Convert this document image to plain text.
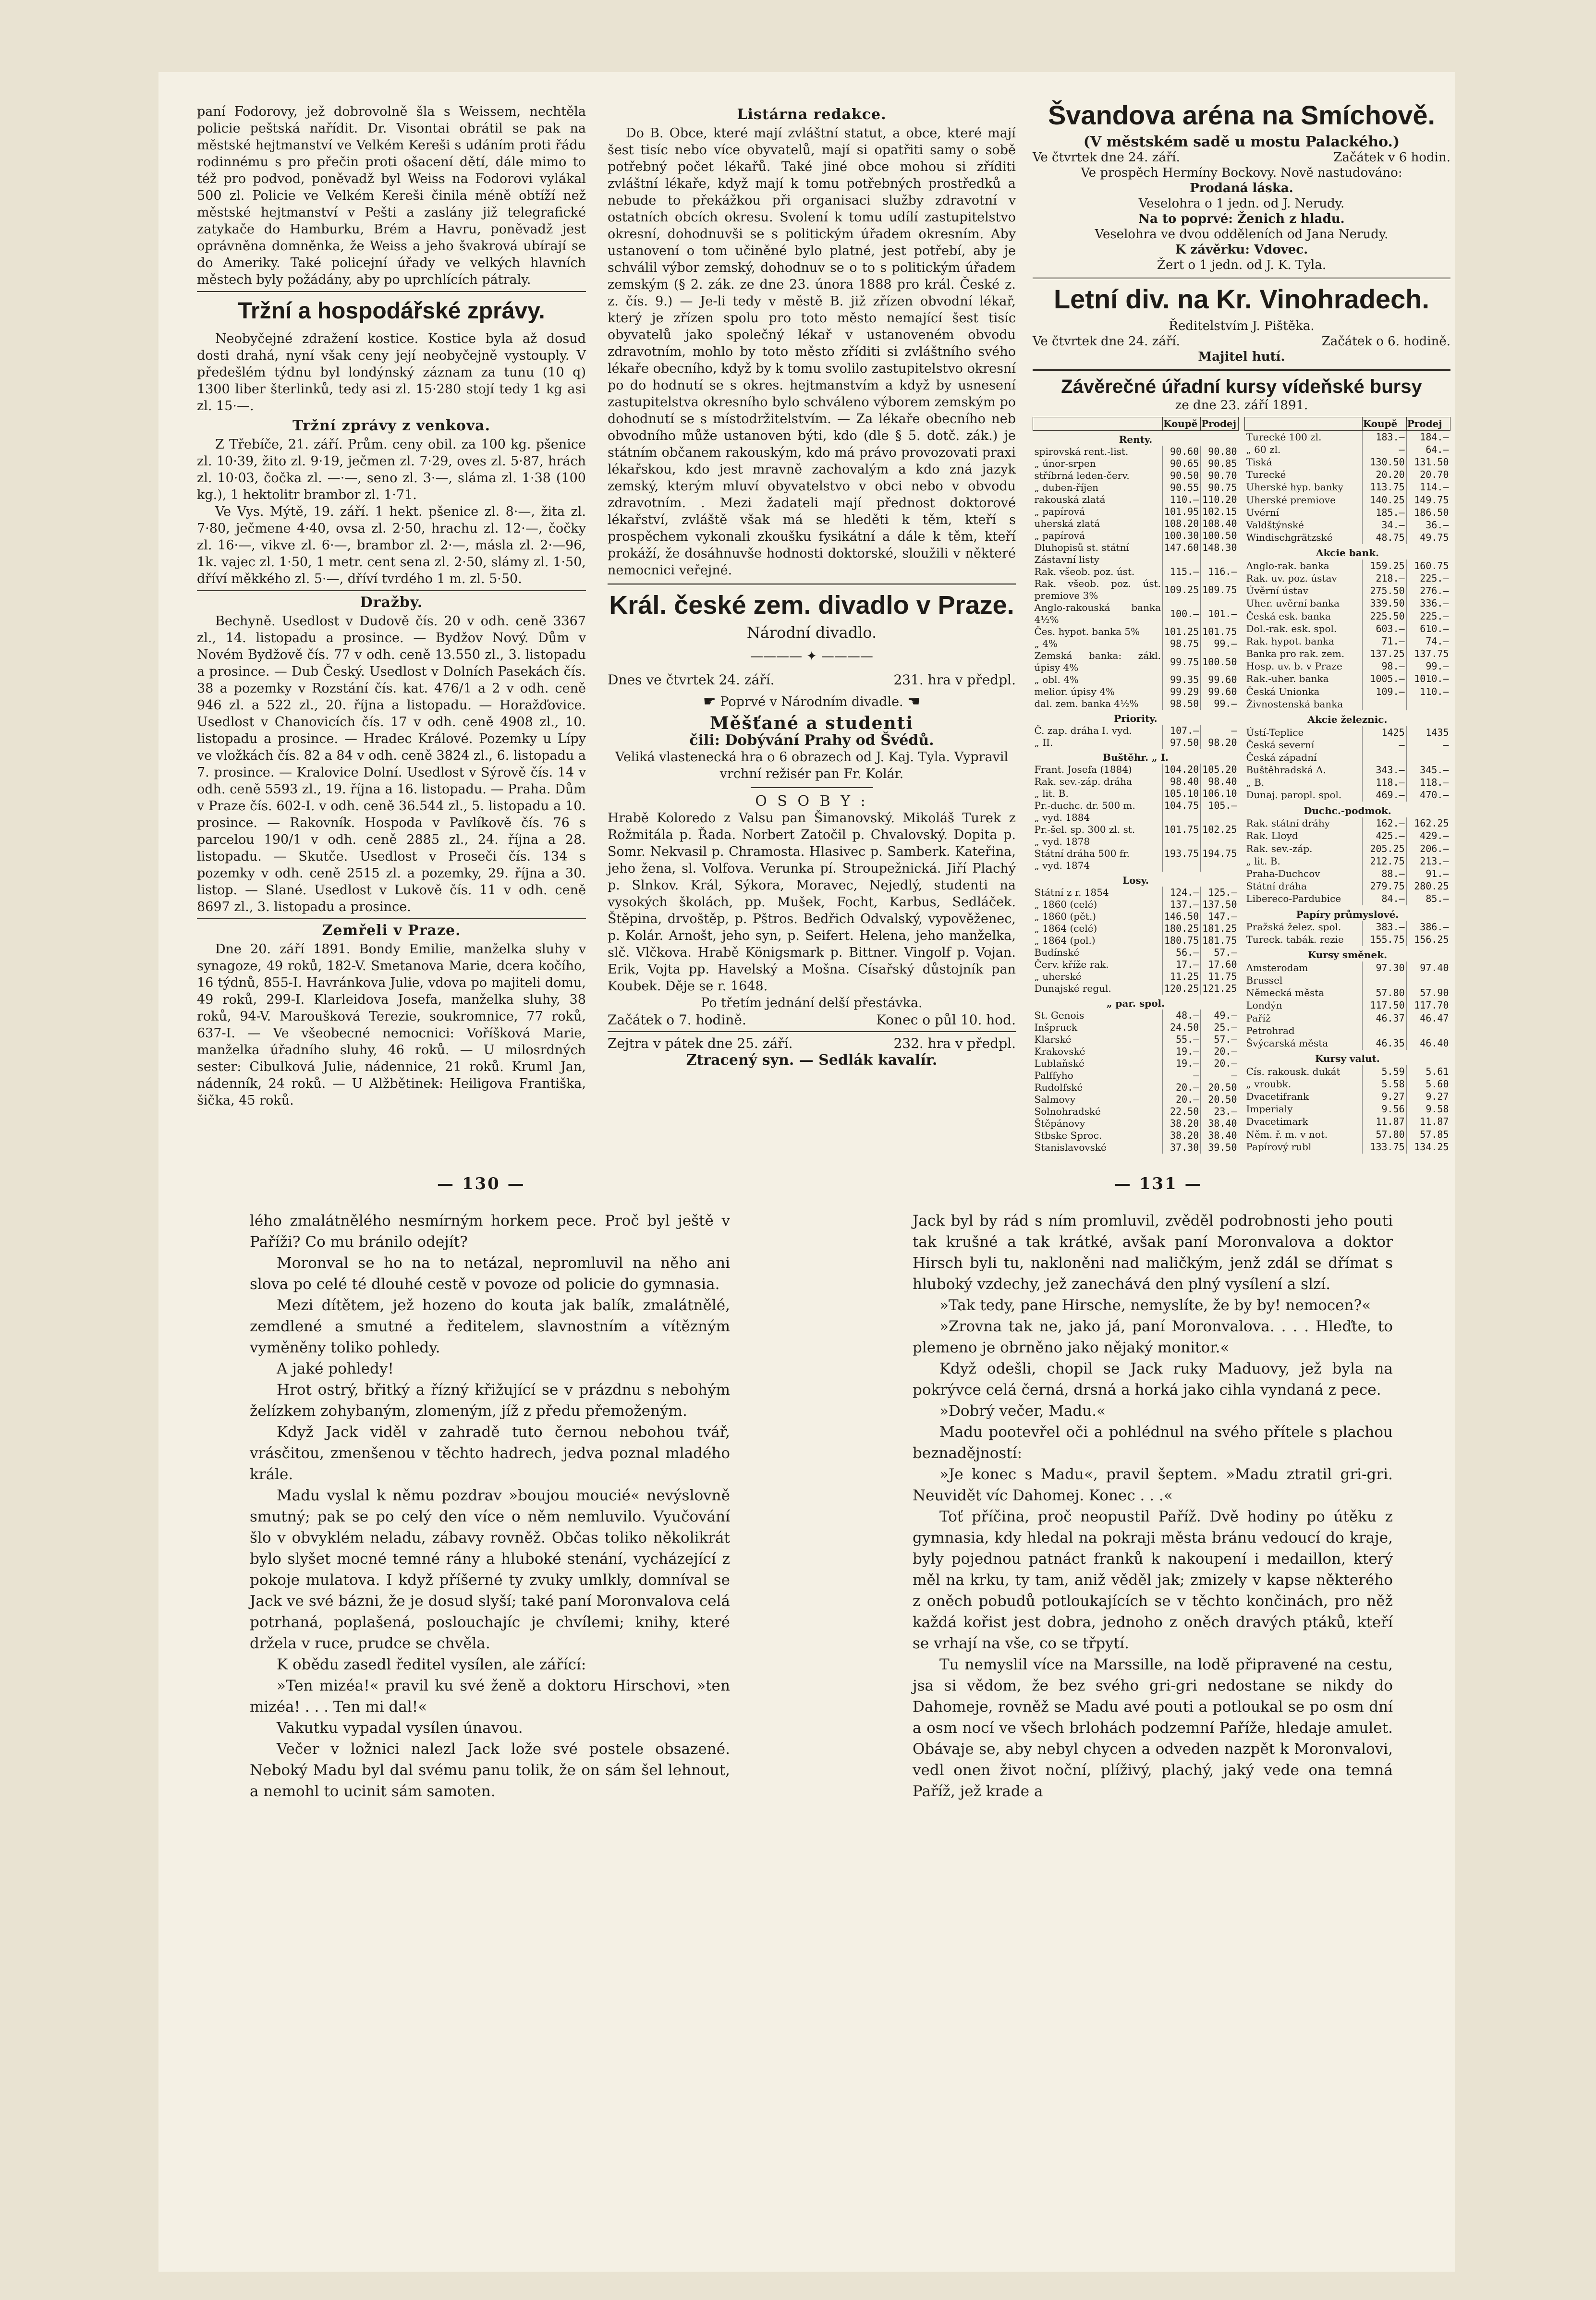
paní Fodorovy, jež dobrovolně šla s Weissem, nechtěla policie peštská nařídit. Dr. Visontai obrátil se pak na městské hejtmanství ve Velkém Kereši s udáním proti řádu rodinnému s pro přečin proti ošacení dětí, dále mimo to též pro podvod, poněvadž byl Weiss na Fodorovi vylákal 500 zl. Policie ve Velkém Kereši činila méně obtíží než městské hejtmanství v Pešti a zaslány již telegrafické zatykače do Hamburku, Brém a Havru, poněvadž jest oprávněna domněnka, že Weiss a jeho švakrová ubírají se do Ameriky. Také policejní úřady ve velkých hlavních městech byly požádány, aby po uprchlících pátraly.

Tržní a hospodářské zprávy.

Neobyčejné zdražení kostice. Kostice byla až dosud dosti drahá, nyní však ceny její neobyčejně vystouply. V předešlém týdnu byl londýnský záznam za tunu (10 q) 1300 liber šterlinků, tedy asi zl. 15·280 stojí tedy 1 kg asi zl. 15·—.

Tržní zprávy z venkova.

Z Třebíče, 21. září. Prům. ceny obil. za 100 kg. pšenice zl. 10·39, žito zl. 9·19, ječmen zl. 7·29, oves zl. 5·87, hrách zl. 10·03, čočka zl. —·—, seno zl. 3·—, sláma zl. 1·38 (100 kg.), 1 hektolitr brambor zl. 1·71.

Ve Vys. Mýtě, 19. září. 1 hekt. pšenice zl. 8·—, žita zl. 7·80, ječmene 4·40, ovsa zl. 2·50, hrachu zl. 12·—, čočky zl. 16·—, vikve zl. 6·—, brambor zl. 2·—, másla zl. 2·—96, 1k. vajec zl. 1·50, 1 metr. cent sena zl. 2·50, slámy zl. 1·50, dříví měkkého zl. 5·—, dříví tvrdého 1 m. zl. 5·50.

Dražby.

Bechyně. Usedlost v Dudově čís. 20 v odh. ceně 3367 zl., 14. listopadu a prosince. — Bydžov Nový. Dům v Novém Bydžově čís. 77 v odh. ceně 13.550 zl., 3. listopadu a prosince. — Dub Český. Usedlost v Dolních Pasekách čís. 38 a pozemky v Rozstání čís. kat. 476/1 a 2 v odh. ceně 946 zl. a 522 zl., 20. října a listopadu. — Horažďovice. Usedlost v Chanovicích čís. 17 v odh. ceně 4908 zl., 10. listopadu a prosince. — Hradec Králové. Pozemky u Lípy ve vložkách čís. 82 a 84 v odh. ceně 3824 zl., 6. listopadu a 7. prosince. — Kralovice Dolní. Usedlost v Sýrově čís. 14 v odh. ceně 5593 zl., 19. října a 16. listopadu. — Praha. Dům v Praze čís. 602-I. v odh. ceně 36.544 zl., 5. listopadu a 10. prosince. — Rakovník. Hospoda v Pavlíkově čís. 76 s parcelou 190/1 v odh. ceně 2885 zl., 24. října a 28. listopadu. — Skutče. Usedlost v Proseči čís. 134 s pozemky v odh. ceně 2515 zl. a pozemky, 29. října a 30. listop. — Slané. Usedlost v Lukově čís. 11 v odh. ceně 8697 zl., 3. listopadu a prosince.

Zemřeli v Praze.

Dne 20. září 1891. Bondy Emilie, manželka sluhy v synagoze, 49 roků, 182-V. Smetanova Marie, dcera kočího, 16 týdnů, 855-I. Havránkova Julie, vdova po majiteli domu, 49 roků, 299-I. Klarleidova Josefa, manželka sluhy, 38 roků, 94-V. Maroušková Terezie, soukromnice, 77 roků, 637-I. — Ve všeobecné nemocnici: Voříšková Marie, manželka úřadního sluhy, 46 roků. — U milosrdných sester: Cibulková Julie, nádennice, 21 roků. Kruml Jan, nádenník, 24 roků. — U Alžbětinek: Heiligova Františka, šička, 45 roků.

Listárna redakce.

Do B. Obce, které mají zvláštní statut, a obce, které mají šest tisíc nebo více obyvatelů, mají si opatřiti samy o sobě potřebný počet lékařů. Také jiné obce mohou si zříditi zvláštní lékaře, když mají k tomu potřebných prostředků a nebude to překážkou při organisaci služby zdravotní v ostatních obcích okresu. Svolení k tomu udílí zastupitelstvo okresní, dohodnuvši se s politickým úřadem okresním. Aby ustanovení o tom učiněné bylo platné, jest potřebí, aby je schválil výbor zemský, dohodnuv se o to s politickým úřadem zemským (§ 2. zák. ze dne 23. února 1888 pro král. České z. z. čís. 9.) — Je-li tedy v městě B. již zřízen obvodní lékař, který je zřízen spolu pro toto město nemající šest tisíc obyvatelů jako společný lékař v ustanoveném obvodu zdravotním, mohlo by toto město zříditi si zvláštního svého lékaře obecního, když by k tomu svolilo zastupitelstvo okresní po do hodnutí se s okres. hejtmanstvím a když by usnesení zastupitelstva okresního bylo schváleno výborem zemským po dohodnutí se s místodržitelstvím. — Za lékaře obecního neb obvodního může ustanoven býti, kdo (dle § 5. dotč. zák.) je státním občanem rakouským, kdo má právo provozovati praxi lékařskou, kdo jest mravně zachovalým a kdo zná jazyk zemský, kterým mluví obyvatelstvo v obci nebo v obvodu zdravotním. . Mezi žadateli mají přednost doktorové lékařství, zvláště však má se hleděti k těm, kteří s prospěchem vykonali zkoušku fysikátní a dále k těm, kteří prokáží, že dosáhnuvše hodnosti doktorské, sloužili v některé nemocnici veřejné.

Král. české zem. divadlo v Praze.
Národní divadlo.
———— ✦ ————
Dnes ve čtvrtek 24. září.	231. hra v předpl.
☛ Poprvé v Národním divadle. ☚
Měšťané a studenti
čili: Dobývání Prahy od Švédů.
Veliká vlastenecká hra o 6 obrazech od J. Kaj. Tyla. Vypravil vrchní režisér pan Fr. Kolár.
O S O B Y :

Hrabě Koloredo z Valsu pan Šimanovský. Mikoláš Turek z Rožmitála p. Řada. Norbert Zatočil p. Chvalovský. Dopita p. Somr. Nekvasil p. Chramosta. Hlasivec p. Samberk. Kateřina, jeho žena, sl. Volfova. Verunka pí. Stroupežnická. Jiří Plachý p. Slnkov. Král, Sýkora, Moravec, Nejedlý, studenti na vysokých školách, pp. Mušek, Focht, Karbus, Sedláček. Štěpina, drvoštěp, p. Pštros. Bedřich Odvalský, vypověženec, p. Kolár. Arnošt, jeho syn, p. Seifert. Helena, jeho manželka, slč. Vlčkova. Hrabě Königsmark p. Bittner. Vingolf p. Vojan. Erik, Vojta pp. Havelský a Mošna. Císařský důstojník pan Koubek. Děje se r. 1648.

Po třetím jednání delší přestávka.
Začátek o 7. hodině.	Konec o půl 10. hod.
Zejtra v pátek dne 25. září.	232. hra v předpl.
Ztracený syn. — Sedlák kavalír.
Švandova aréna na Smíchově.
(V městském sadě u mostu Palackého.)
Ve čtvrtek dne 24. září.	Začátek v 6 hodin.
Ve prospěch Hermíny Bockovy. Nově nastudováno:
Prodaná láska.
Veselohra o 1 jedn. od J. Nerudy.
Na to poprvé: Ženich z hladu.
Veselohra ve dvou odděleních od Jana Nerudy.
K závěrku: Vdovec.
Žert o 1 jedn. od J. K. Tyla.
Letní div. na Kr. Vinohradech.
Ředitelstvím J. Pištěka.
Ve čtvrtek dne 24. září.	Začátek o 6. hodině.
Majitel hutí.
Závěrečné úřadní kursy vídeňské bursy
ze dne 23. září 1891.
	Koupě	Prodej
Renty.		
spirovská rent.-list.	90.60	90.80
„ únor-srpen	90.65	90.85
stříbrná leden-červ.	90.50	90.70
„ duben-říjen	90.55	90.75
rakouská zlatá	110.—	110.20
„ papírová	101.95	102.15
uherská zlatá	108.20	108.40
„ papírová	100.30	100.50
Dluhopisů st. státní	147.60	148.30
Zástavní listy		
Rak. všeob. poz. úst.	115.—	116.—
Rak. všeob. poz. úst. premiove 3%	109.25	109.75
Anglo-rakouská banka 4½%	100.—	101.—
Čes. hypot. banka 5%	101.25	101.75
„ 4%	98.75	99.—
Zemská banka: zákl. úpisy 4%	99.75	100.50
„ obl. 4%	99.35	99.60
melior. úpisy 4%	99.29	99.60
dal. zem. banka 4½%	98.50	99.—
Priority.		
Č. zap. dráha I. vyd.	107.—	—
„ II.	97.50	98.20
Buštěhr. „ I.		
Frant. Josefa (1884)	104.20	105.20
Rak. sev.-záp. dráha	98.40	98.40
„ lit. B.	105.10	106.10
Pr.-duchc. dr. 500 m.	104.75	105.—
„ vyd. 1884		
Pr.-šel. sp. 300 zl. st.	101.75	102.25
„ vyd. 1878		
Státní dráha 500 fr.	193.75	194.75
„ vyd. 1874		
Losy.		
Státní z r. 1854	124.—	125.—
„ 1860 (celé)	137.—	137.50
„ 1860 (pět.)	146.50	147.—
„ 1864 (celé)	180.25	181.25
„ 1864 (pol.)	180.75	181.75
Budínské	56.—	57.—
Červ. kříže rak.	17.—	17.60
„ uherské	11.25	11.75
Dunajské regul.	120.25	121.25
„ par. spol.		
St. Genois	48.—	49.—
Inšpruck	24.50	25.—
Klarské	55.—	57.—
Krakovské	19.—	20.—
Lublaňské	19.—	20.—
Palffyho	—	—
Rudolfské	20.—	20.50
Salmovy	20.—	20.50
Solnohradské	22.50	23.—
Štěpánovy	38.20	38.40
Stbske Sproc.	38.20	38.40
Stanislavovské	37.30	39.50
	Koupě	Prodej
Turecké 100 zl.	183.—	184.—
„ 60 zl.	—	64.—
Tiská	130.50	131.50
Turecké	20.20	20.70
Uherské hyp. banky	113.75	114.—
Uherské premiove	140.25	149.75
Uvérní	185.—	186.50
Valdštýnské	34.—	36.—
Windischgrätzské	48.75	49.75
Akcie bank.		
Anglo-rak. banka	159.25	160.75
Rak. uv. poz. ústav	218.—	225.—
Úvěrní ústav	275.50	276.—
Uher. uvěrní banka	339.50	336.—
Česká esk. banka	225.50	225.—
Dol.-rak. esk. spol.	603.—	610.—
Rak. hypot. banka	71.—	74.—
Banka pro rak. zem.	137.25	137.75
Hosp. uv. b. v Praze	98.—	99.—
Rak.-uher. banka	1005.—	1010.—
Česká Unionka	109.—	110.—
Živnostenská banka		
Akcie železnic.		
Ústí-Teplice	1425	1435
Česká severní	—	—
Česká západní		
Buštěhradská A.	343.—	345.—
„ B.	118.—	118.—
Dunaj. paropl. spol.	469.—	470.—
Duchc.-podmok.		
Rak. státní dráhy	162.—	162.25
Rak. Lloyd	425.—	429.—
Rak. sev.-záp.	205.25	206.—
„ lit. B.	212.75	213.—
Praha-Duchcov	88.—	91.—
Státní dráha	279.75	280.25
Libereco-Pardubice	84.—	85.—
Papíry průmyslové.		
Pražská želez. spol.	383.—	386.—
Tureck. tabák. rezie	155.75	156.25
Kursy směnek.		
Amsterodam	97.30	97.40
Brussel		
Německá města	57.80	57.90
Londýn	117.50	117.70
Paříž	46.37	46.47
Petrohrad		
Švýcarská města	46.35	46.40
Kursy valut.		
Cís. rakousk. dukát	5.59	5.61
„ vroubk.	5.58	5.60
Dvacetifrank	9.27	9.27
Imperialy	9.56	9.58
Dvacetimark	11.87	11.87
Něm. ř. m. v not.	57.80	57.85
Papírový rubl	133.75	134.25
— 130 —	— 131 —

lého zmalátnělého nesmírným horkem pece. Proč byl ještě v Paříži? Co mu bránilo odejít?

Moronval se ho na to netázal, nepromluvil na něho ani slova po celé té dlouhé cestě v povoze od policie do gymnasia.

Mezi dítětem, jež hozeno do kouta jak balík, zmalátnělé, zemdlené a smutné a ředitelem, slavnostním a vítězným vyměněny toliko pohledy.

A jaké pohledy!

Hrot ostrý, břitký a řízný křižující se v prázdnu s nebohým želízkem zohybaným, zlomeným, jíž z předu přemoženým.

Když Jack viděl v zahradě tuto černou nebohou tvář, vrásčitou, zmenšenou v těchto hadrech, jedva poznal mladého krále.

Madu vyslal k němu pozdrav »boujou moucié« nevýslovně smutný; pak se po celý den více o něm nemluvilo. Vyučování šlo v obvyklém neladu, zábavy rovněž. Občas toliko několikrát bylo slyšet mocné temné rány a hluboké stenání, vycházející z pokoje mulatova. I když příšerné ty zvuky umlkly, domníval se Jack ve své bázni, že je dosud slyší; také paní Moronvalova celá potrhaná, poplašená, poslouchajíc je chvílemi; knihy, které držela v ruce, prudce se chvěla.

K obědu zasedl ředitel vysílen, ale zářící:

»Ten mizéa!« pravil ku své ženě a doktoru Hirschovi, »ten mizéa! . . . Ten mi dal!«

Vakutku vypadal vysílen únavou.

Večer v ložnici nalezl Jack lože své postele obsazené. Neboký Madu byl dal svému panu tolik, že on sám šel lehnout, a nemohl to ucinit sám samoten.

Jack byl by rád s ním promluvil, zvěděl podrobnosti jeho pouti tak krušné a tak krátké, avšak paní Moronvalova a doktor Hirsch byli tu, nakloněni nad maličkým, jenž zdál se dřímat s hluboký vzdechy, jež zanechává den plný vysílení a slzí.

»Tak tedy, pane Hirsche, nemyslíte, že by by! nemocen?«

»Zrovna tak ne, jako já, paní Moronvalova. . . . Hleďte, to plemeno je obrněno jako nějaký monitor.«

Když odešli, chopil se Jack ruky Maduovy, jež byla na pokrývce celá černá, drsná a horká jako cihla vyndaná z pece.

»Dobrý večer, Madu.«

Madu pootevřel oči a pohlédnul na svého přítele s plachou beznadějností:

»Je konec s Madu«, pravil šeptem. »Madu ztratil gri-gri. Neuvidět víc Dahomej. Konec . . .«

Toť příčina, proč neopustil Paříž. Dvě hodiny po útěku z gymnasia, kdy hledal na pokraji města bránu vedoucí do kraje, byly pojednou patnáct franků k nakoupení i medaillon, který měl na krku, ty tam, aniž věděl jak; zmizely v kapse některého z oněch pobudů potloukajících se v těchto končinách, pro něž každá kořist jest dobra, jednoho z oněch dravých ptáků, kteří se vrhají na vše, co se třpytí.

Tu nemyslil více na Marssille, na lodě připravené na cestu, jsa si vědom, že bez svého gri-gri nedostane se nikdy do Dahomeje, rovněž se Madu avé pouti a potloukal se po osm dní a osm nocí ve všech brlohách podzemní Paříže, hledaje amulet. Obávaje se, aby nebyl chycen a odveden nazpět k Moronvalovi, vedl onen život noční, plíživý, plachý, jaký vede ona temná Paříž, jež krade a
